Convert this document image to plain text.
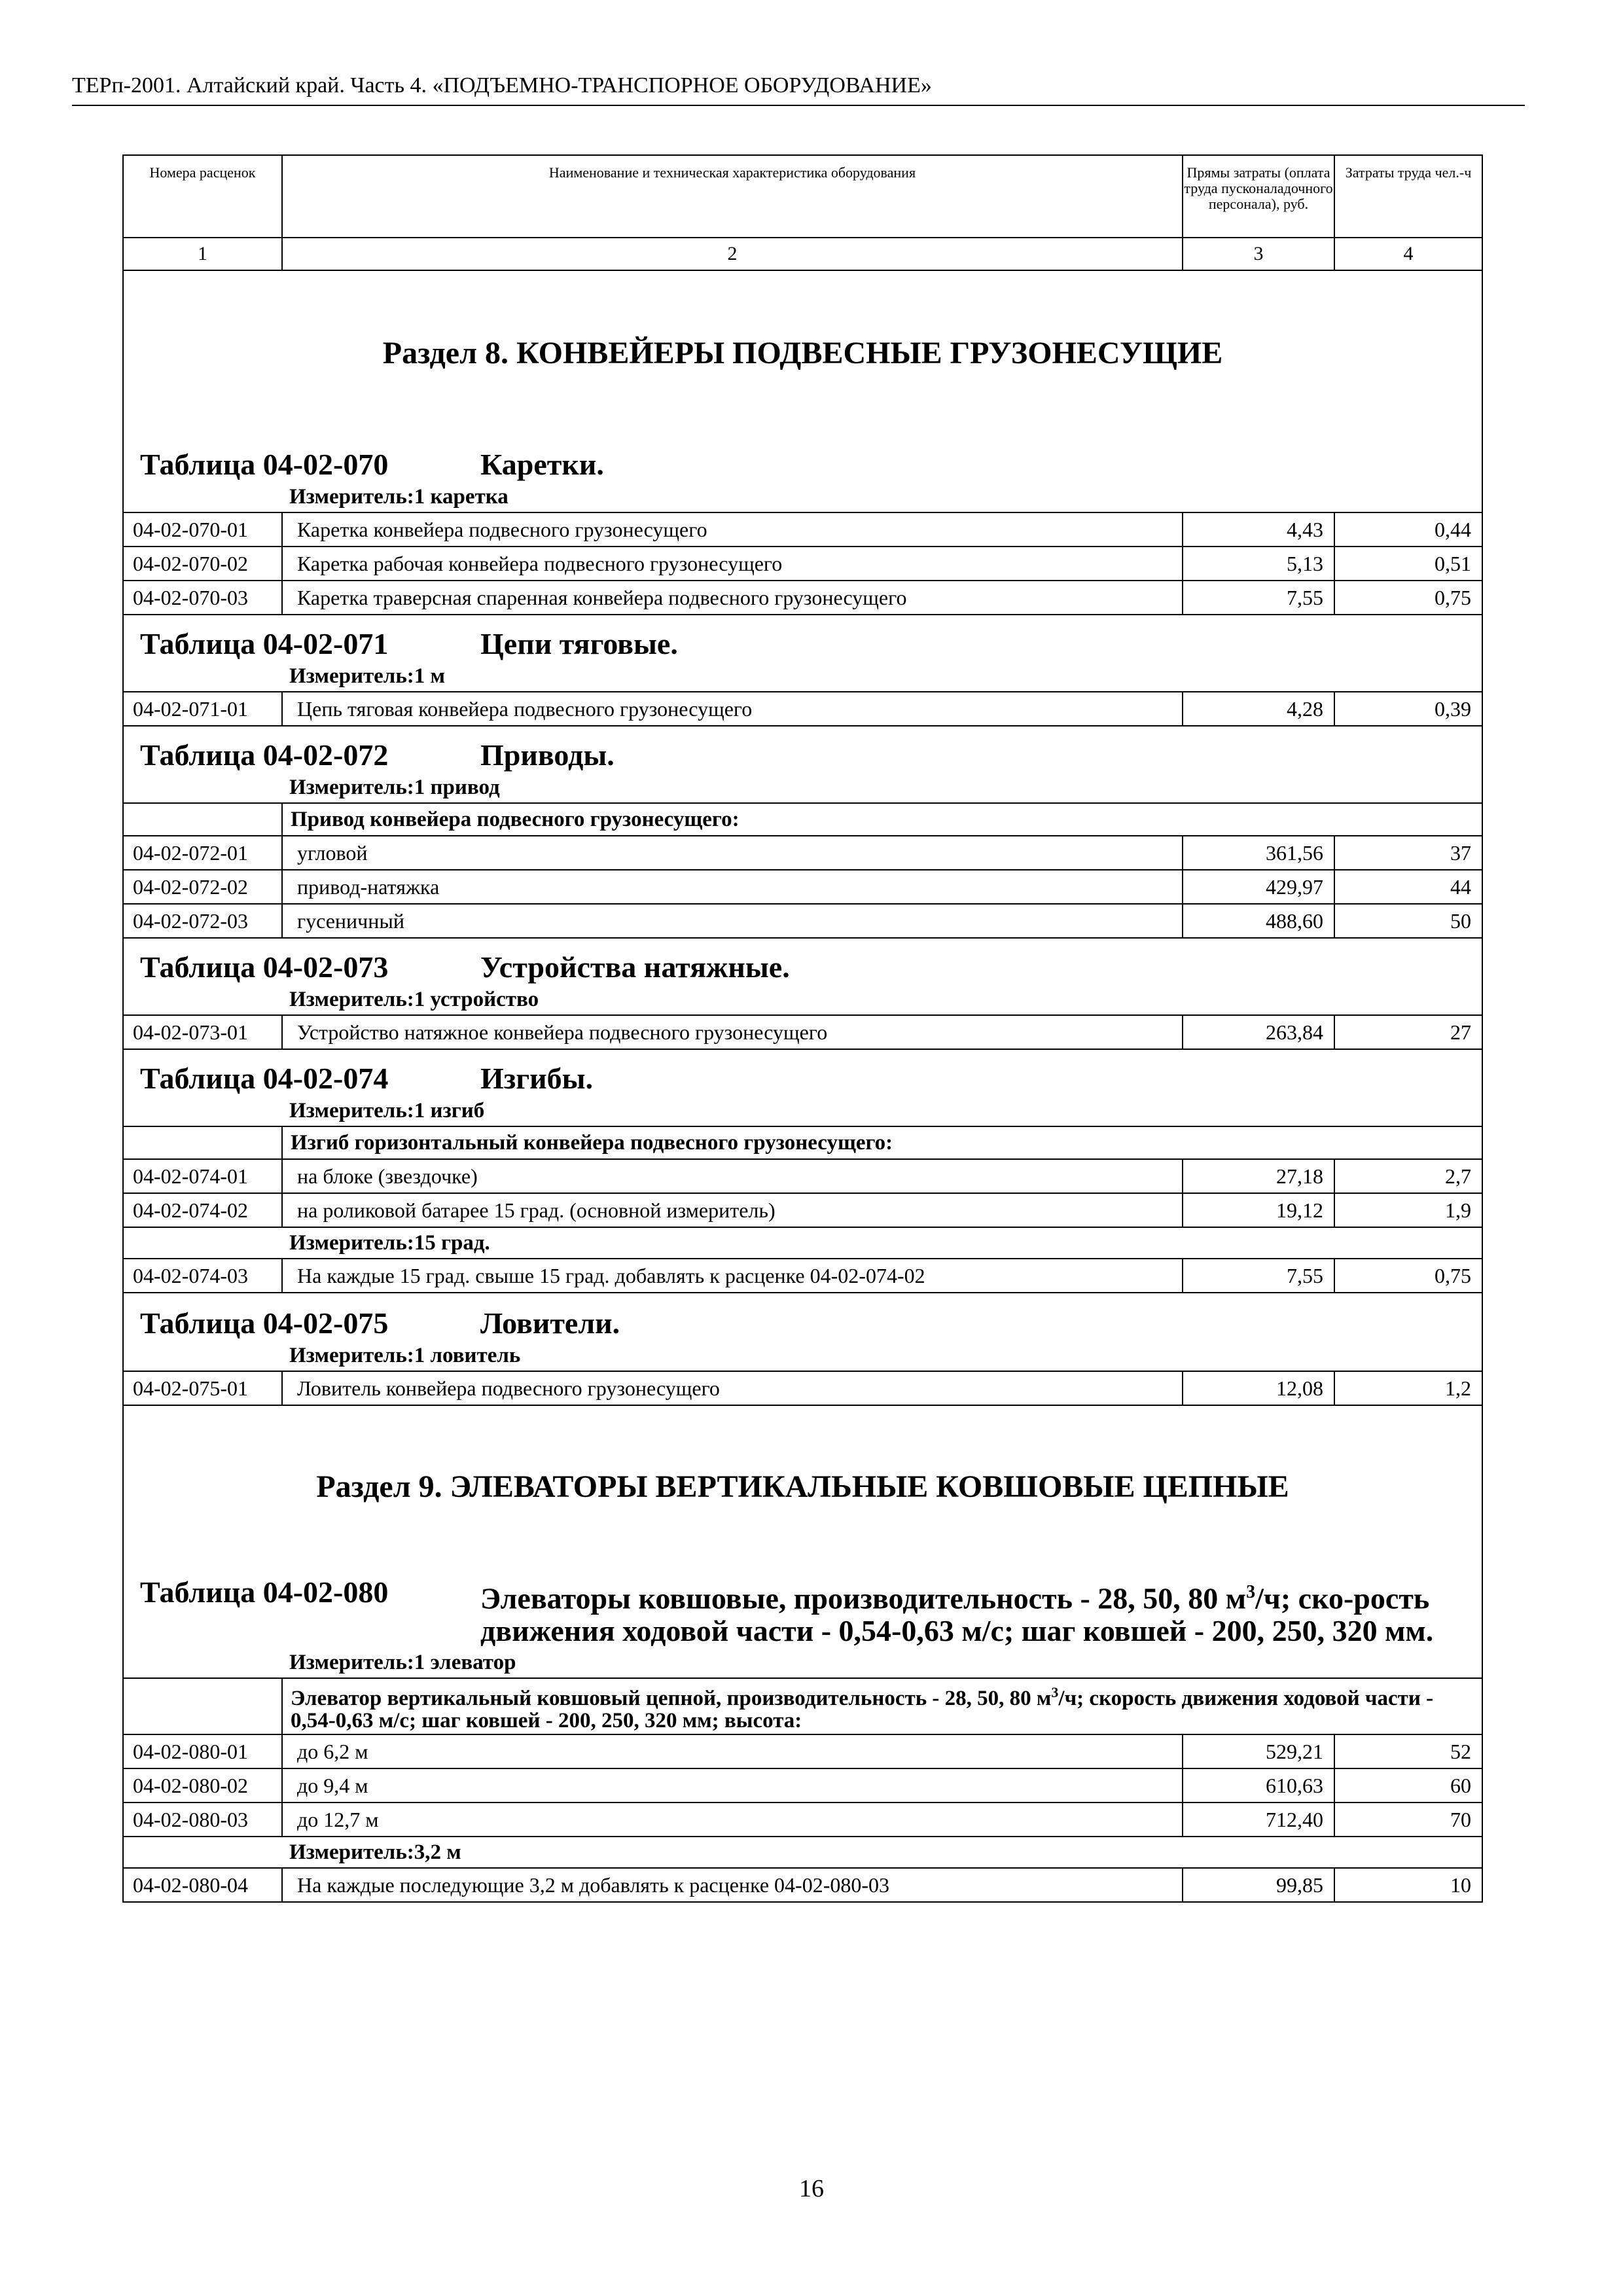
ТЕРп-2001. Алтайский край. Часть 4. «ПОДЪЕМНО-ТРАНСПОРНОЕ ОБОРУДОВАНИЕ»
Номера расценок	Наименование и техническая характеристика оборудования	Прямы затраты (оплата труда пусконаладочного персонала), руб.	Затраты труда чел.-ч
1	2	3	4

Раздел 8. КОНВЕЙЕРЫ ПОДВЕСНЫЕ ГРУЗОНЕСУЩИЕ			

Таблица 04-02-070 Каретки.			

Измеритель:1 каретка			

04-02-070-01	Каретка конвейера подвесного грузонесущего	4,43	0,44
04-02-070-02	Каретка рабочая конвейера подвесного грузонесущего	5,13	0,51
04-02-070-03	Каретка траверсная спаренная конвейера подвесного грузонесущего	7,55	0,75

Таблица 04-02-071 Цепи тяговые.			

Измеритель:1 м			

04-02-071-01	Цепь тяговая конвейера подвесного грузонесущего	4,28	0,39

Таблица 04-02-072 Приводы.			

Измеритель:1 привод			

	Привод конвейера подвесного грузонесущего:		
04-02-072-01	угловой	361,56	37
04-02-072-02	привод-натяжка	429,97	44
04-02-072-03	гусеничный	488,60	50

Таблица 04-02-073 Устройства натяжные.			

Измеритель:1 устройство			

04-02-073-01	Устройство натяжное конвейера подвесного грузонесущего	263,84	27

Таблица 04-02-074 Изгибы.			

Измеритель:1 изгиб			

	Изгиб горизонтальный конвейера подвесного грузонесущего:		
04-02-074-01	на блоке (звездочке)	27,18	2,7
04-02-074-02	на роликовой батарее 15 град. (основной измеритель)	19,12	1,9

Измеритель:15 град.			

04-02-074-03	На каждые 15 град. свыше 15 град. добавлять к расценке 04-02-074-02	7,55	0,75

Таблица 04-02-075 Ловители.			

Измеритель:1 ловитель			

04-02-075-01	Ловитель конвейера подвесного грузонесущего	12,08	1,2

Раздел 9. ЭЛЕВАТОРЫ ВЕРТИКАЛЬНЫЕ КОВШОВЫЕ ЦЕПНЫЕ			

Таблица 04-02-080 Элеваторы ковшовые, производительность - 28, 50, 80 $м^3/ч$; ско-рость движения ходовой части - 0,54-0,63 м/с; шаг ковшей - 200, 250, 320 мм.			

Измеритель:1 элеватор			

	Элеватор вертикальный ковшовый цепной, производительность - 28, 50, 80 $м^3/ч$; скорость движения ходовой части - 0,54-0,63 м/с; шаг ковшей - 200, 250, 320 мм; высота:		
04-02-080-01	до 6,2 м	529,21	52
04-02-080-02	до 9,4 м	610,63	60
04-02-080-03	до 12,7 м	712,40	70

Измеритель:3,2 м			

04-02-080-04	На каждые последующие 3,2 м добавлять к расценке 04-02-080-03	99,85	10
16
